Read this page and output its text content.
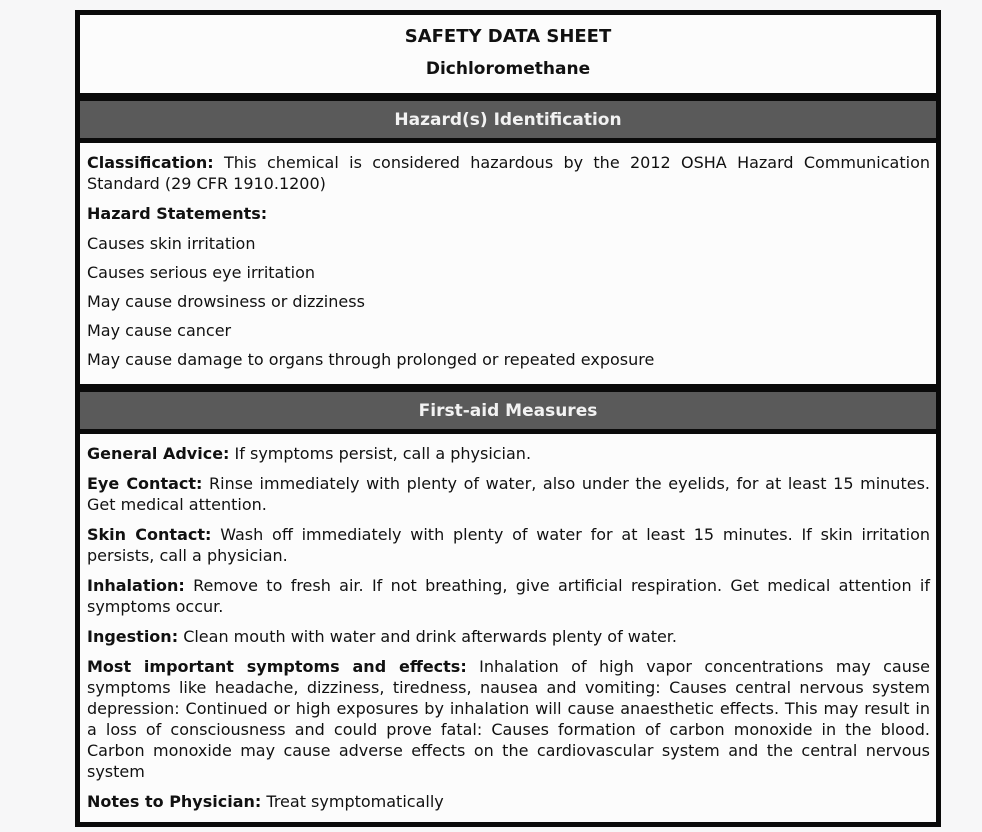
SAFETY DATA SHEET
Dichloromethane
Hazard(s) Identification

Classification: This chemical is considered hazardous by the 2012 OSHA Hazard Communication Standard (29 CFR 1910.1200)

Hazard Statements:

Causes skin irritation

Causes serious eye irritation

May cause drowsiness or dizziness

May cause cancer

May cause damage to organs through prolonged or repeated exposure

First-aid Measures

General Advice: If symptoms persist, call a physician.

Eye Contact: Rinse immediately with plenty of water, also under the eyelids, for at least 15 minutes. Get medical attention.

Skin Contact: Wash off immediately with plenty of water for at least 15 minutes. If skin irritation persists, call a physician.

Inhalation: Remove to fresh air. If not breathing, give artificial respiration. Get medical attention if symptoms occur.

Ingestion: Clean mouth with water and drink afterwards plenty of water.

Most important symptoms and effects: Inhalation of high vapor concentrations may cause symptoms like headache, dizziness, tiredness, nausea and vomiting: Causes central nervous system depression: Continued or high exposures by inhalation will cause anaesthetic effects. This may result in a loss of consciousness and could prove fatal: Causes formation of carbon monoxide in the blood. Carbon monoxide may cause adverse effects on the cardiovascular system and the central nervous system

Notes to Physician: Treat symptomatically
